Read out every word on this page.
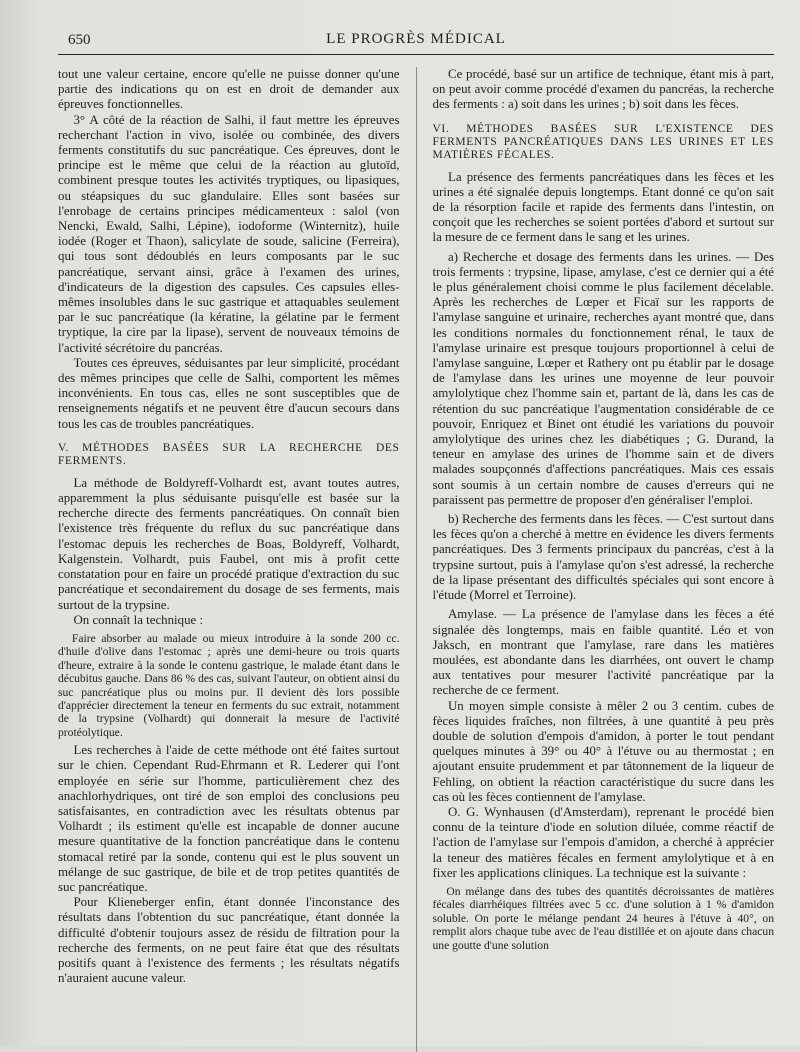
650	LE PROGRÈS MÉDICAL

tout une valeur certaine, encore qu'elle ne puisse donner qu'une partie des indications qu on est en droit de demander aux épreuves fonctionnelles.

3° A côté de la réaction de Salhi, il faut mettre les épreuves recherchant l'action in vivo, isolée ou combinée, des divers ferments constitutifs du suc pancréatique. Ces épreuves, dont le principe est le même que celui de la réaction au glutoïd, combinent presque toutes les activités tryptiques, ou lipasiques, ou stéapsiques du suc glandulaire. Elles sont basées sur l'enrobage de certains principes médicamenteux : salol (von Nencki, Ewald, Salhi, Lépine), iodoforme (Winternitz), huile iodée (Roger et Thaon), salicylate de soude, salicine (Ferreira), qui tous sont dédoublés en leurs composants par le suc pancréatique, servant ainsi, grâce à l'examen des urines, d'indicateurs de la digestion des capsules. Ces capsules elles-mêmes insolubles dans le suc gastrique et attaquables seulement par le suc pancréatique (la kératine, la gélatine par le ferment tryptique, la cire par la lipase), servent de nouveaux témoins de l'activité sécrétoire du pancréas.

Toutes ces épreuves, séduisantes par leur simplicité, procédant des mêmes principes que celle de Salhi, comportent les mêmes inconvénients. En tous cas, elles ne sont susceptibles que de renseignements négatifs et ne peuvent être d'aucun secours dans tous les cas de troubles pancréatiques.

V. MÉTHODES BASÉES SUR LA RECHERCHE DES FERMENTS.

La méthode de Boldyreff-Volhardt est, avant toutes autres, apparemment la plus séduisante puisqu'elle est basée sur la recherche directe des ferments pancréatiques. On connaît bien l'existence très fréquente du reflux du suc pancréatique dans l'estomac depuis les recherches de Boas, Boldyreff, Volhardt, Kalgenstein. Volhardt, puis Faubel, ont mis à profit cette constatation pour en faire un procédé pratique d'extraction du suc pancréatique et secondairement du dosage de ses ferments, mais surtout de la trypsine.

On connaît la technique :

Faire absorber au malade ou mieux introduire à la sonde 200 cc. d'huile d'olive dans l'estomac ; après une demi-heure ou trois quarts d'heure, extraire à la sonde le contenu gastrique, le malade étant dans le décubitus gauche. Dans 86 % des cas, suivant l'auteur, on obtient ainsi du suc pancréatique plus ou moins pur. Il devient dès lors possible d'apprécier directement la teneur en ferments du suc extrait, notamment de la trypsine (Volhardt) qui donnerait la mesure de l'activité protéolytique.

Les recherches à l'aide de cette méthode ont été faites surtout sur le chien. Cependant Rud-Ehrmann et R. Lederer qui l'ont employée en série sur l'homme, particulièrement chez des anachlorhydriques, ont tiré de son emploi des conclusions peu satisfaisantes, en contradiction avec les résultats obtenus par Volhardt ; ils estiment qu'elle est incapable de donner aucune mesure quantitative de la fonction pancréatique dans le contenu stomacal retiré par la sonde, contenu qui est le plus souvent un mélange de suc gastrique, de bile et de trop petites quantités de suc pancréatique.

Pour Klieneberger enfin, étant donnée l'inconstance des résultats dans l'obtention du suc pancréatique, étant donnée la difficulté d'obtenir toujours assez de résidu de filtration pour la recherche des ferments, on ne peut faire état que des résultats positifs quant à l'existence des ferments ; les résultats négatifs n'auraient aucune valeur.

Ce procédé, basé sur un artifice de technique, étant mis à part, on peut avoir comme procédé d'examen du pancréas, la recherche des ferments : a) soit dans les urines ; b) soit dans les fèces.

VI. MÉTHODES BASÉES SUR L'EXISTENCE DES FERMENTS PANCRÉATIQUES DANS LES URINES ET LES MATIÈRES FÉCALES.

La présence des ferments pancréatiques dans les fèces et les urines a été signalée depuis longtemps. Etant donné ce qu'on sait de la résorption facile et rapide des ferments dans l'intestin, on conçoit que les recherches se soient portées d'abord et surtout sur la mesure de ce ferment dans le sang et les urines.

a) Recherche et dosage des ferments dans les urines. — Des trois ferments : trypsine, lipase, amylase, c'est ce dernier qui a été le plus généralement choisi comme le plus facilement décelable. Après les recherches de Lœper et Ficaï sur les rapports de l'amylase sanguine et urinaire, recherches ayant montré que, dans les conditions normales du fonctionnement rénal, le taux de l'amylase urinaire est presque toujours proportionnel à celui de l'amylase sanguine, Lœper et Rathery ont pu établir par le dosage de l'amylase dans les urines une moyenne de leur pouvoir amylolytique chez l'homme sain et, partant de là, dans les cas de rétention du suc pancréatique l'augmentation considérable de ce pouvoir, Enriquez et Binet ont étudié les variations du pouvoir amylolytique des urines chez les diabétiques ; G. Durand, la teneur en amylase des urines de l'homme sain et de divers malades soupçonnés d'affections pancréatiques. Mais ces essais sont soumis à un certain nombre de causes d'erreurs qui ne paraissent pas permettre de proposer d'en généraliser l'emploi.

b) Recherche des ferments dans les fèces. — C'est surtout dans les fèces qu'on a cherché à mettre en évidence les divers ferments pancréatiques. Des 3 ferments principaux du pancréas, c'est à la trypsine surtout, puis à l'amylase qu'on s'est adressé, la recherche de la lipase présentant des difficultés spéciales qui sont encore à l'étude (Morrel et Terroine).

Amylase. — La présence de l'amylase dans les fèces a été signalée dès longtemps, mais en faible quantité. Léo et von Jaksch, en montrant que l'amylase, rare dans les matières moulées, est abondante dans les diarrhées, ont ouvert le champ aux tentatives pour mesurer l'activité pancréatique par la recherche de ce ferment.

Un moyen simple consiste à mêler 2 ou 3 centim. cubes de fèces liquides fraîches, non filtrées, à une quantité à peu près double de solution d'empois d'amidon, à porter le tout pendant quelques minutes à 39° ou 40° à l'étuve ou au thermostat ; en ajoutant ensuite prudemment et par tâtonnement de la liqueur de Fehling, on obtient la réaction caractéristique du sucre dans les cas où les fèces contiennent de l'amylase.

O. G. Wynhausen (d'Amsterdam), reprenant le procédé bien connu de la teinture d'iode en solution diluée, comme réactif de l'action de l'amylase sur l'empois d'amidon, a cherché à apprécier la teneur des matières fécales en ferment amylolytique et à en fixer les applications cliniques. La technique est la suivante :

On mélange dans des tubes des quantités décroissantes de matières fécales diarrhéiques filtrées avec 5 cc. d'une solution à 1 % d'amidon soluble. On porte le mélange pendant 24 heures à l'étuve à 40°, on remplit alors chaque tube avec de l'eau distillée et on ajoute dans chacun une goutte d'une solution
